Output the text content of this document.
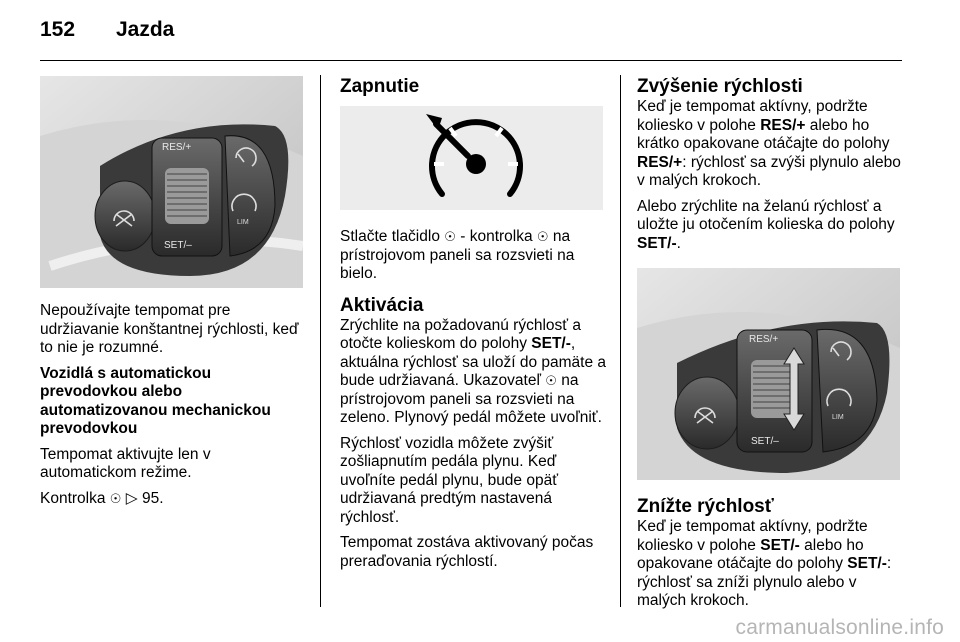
152 Jazda
RES/+
SET/–
LIM

Nepoužívajte tempomat pre udržiavanie konštantnej rýchlosti, keď to nie je rozumné.

Vozidlá s automatickou prevodovkou alebo automatizovanou mechanickou prevodovkou

Tempomat aktivujte len v automatickom režime.

Kontrolka ☉ ▷ 95.

Zapnutie

Stlačte tlačidlo ☉ - kontrolka ☉ na prístrojovom paneli sa rozsvieti na bielo.

Aktivácia

Zrýchlite na požadovanú rýchlosť a otočte kolieskom do polohy SET/-, aktuálna rýchlosť sa uloží do pamäte a bude udržiavaná. Ukazovateľ ☉ na prístrojovom paneli sa rozsvieti na zeleno. Plynový pedál môžete uvoľniť.

Rýchlosť vozidla môžete zvýšiť zošliapnutím pedála plynu. Keď uvoľníte pedál plynu, bude opäť udržiavaná predtým nastavená rýchlosť.

Tempomat zostáva aktivovaný počas preraďovania rýchlostí.

Zvýšenie rýchlosti

Keď je tempomat aktívny, podržte koliesko v polohe RES/+ alebo ho krátko opakovane otáčajte do polohy RES/+: rýchlosť sa zvýši plynulo alebo v malých krokoch.

Alebo zrýchlite na želanú rýchlosť a uložte ju otočením kolieska do polohy SET/-.

RES/+
SET/–
LIM
Znížte rýchlosť

Keď je tempomat aktívny, podržte koliesko v polohe SET/- alebo ho opakovane otáčajte do polohy SET/-: rýchlosť sa zníži plynulo alebo v malých krokoch.

carmanualsonline.info
